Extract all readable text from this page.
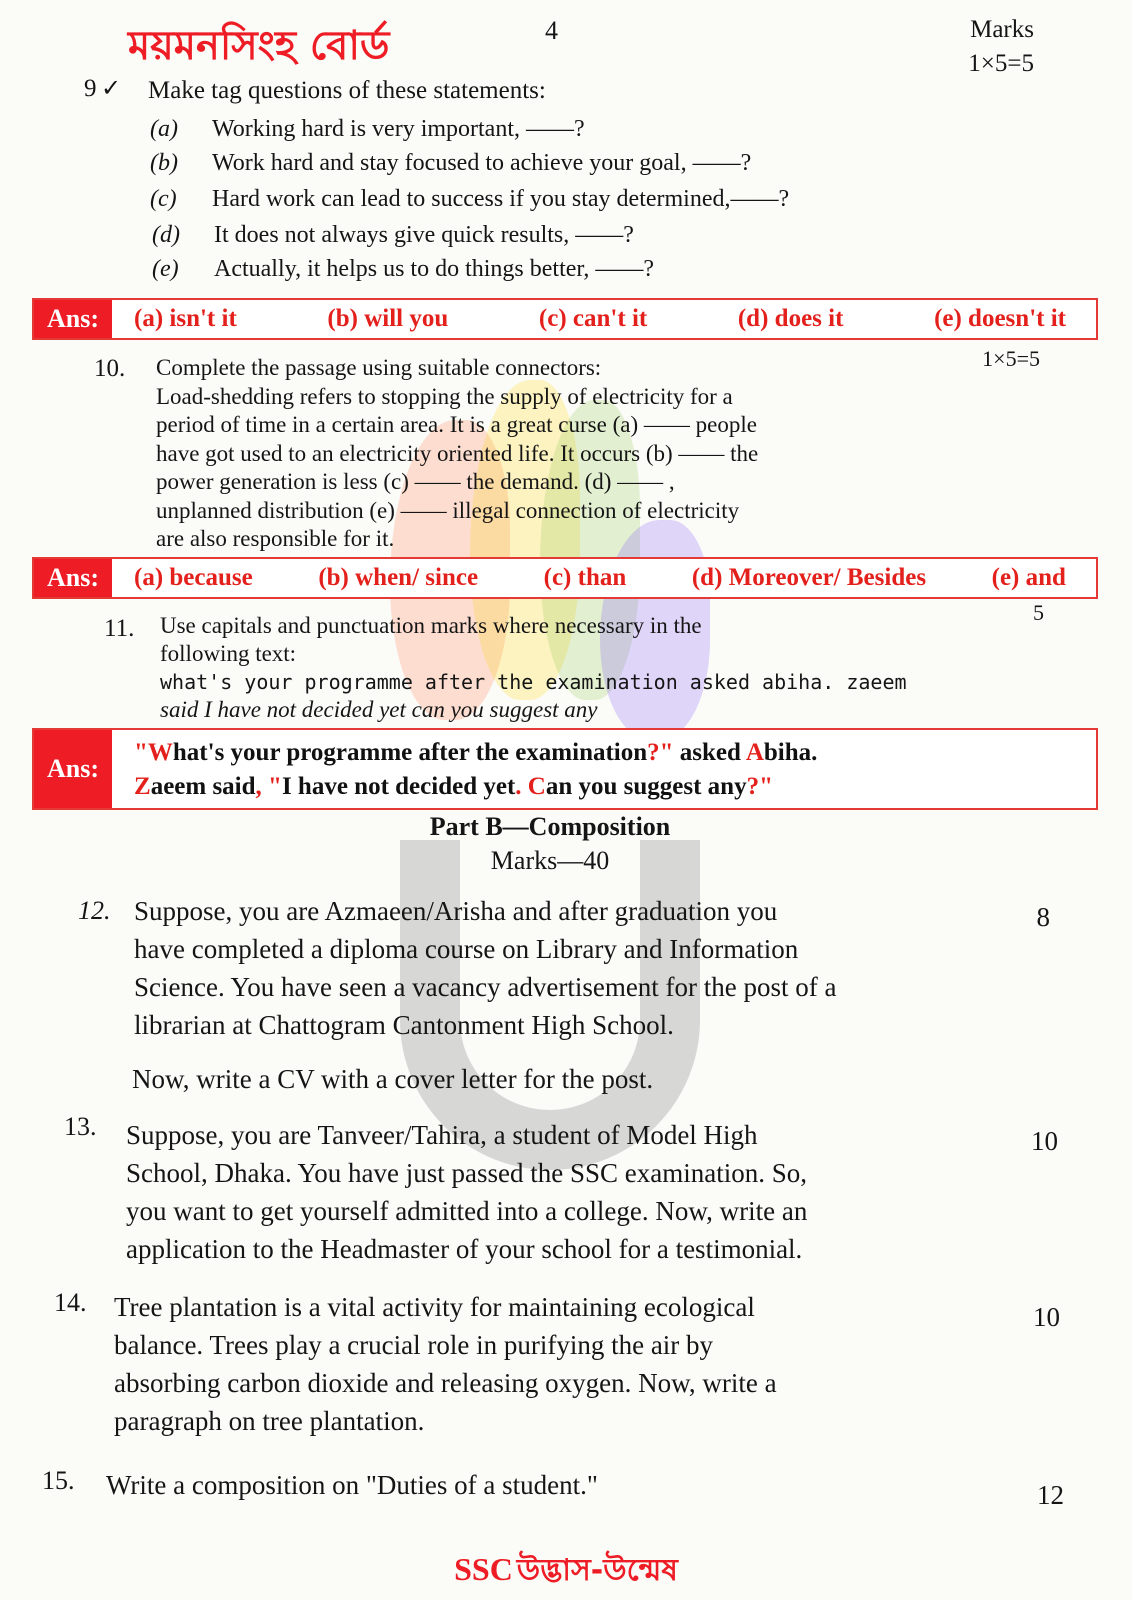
ময়মনসিংহ বোর্ড	4	Marks
1×5=5
9 ✓ Make tag questions of these statements:
(a) Working hard is very important, ——?
(b) Work hard and stay focused to achieve your goal, ——?
(c) Hard work can lead to success if you stay determined,——?
(d) It does not always give quick results, ——?
(e) Actually, it helps us to do things better, ——?
Ans:	(a) isn't it	(b) will you	(c) can't it	(d) does it	(e) doesn't it
10.	1×5=5
Complete the passage using suitable connectors:
Load-shedding refers to stopping the supply of electricity for a
period of time in a certain area. It is a great curse (a) —— people
have got used to an electricity oriented life. It occurs (b) —— the
power generation is less (c) —— the demand. (d) —— ,
unplanned distribution (e) —— illegal connection of electricity
are also responsible for it.
Ans:	(a) because	(b) when/ since	(c) than	(d) Moreover/ Besides	(e) and
11.
5
Use capitals and punctuation marks where necessary in the
following text:
what's your programme after the examination asked abiha. zaeem
said I have not decided yet can you suggest any
Ans:
"What's your programme after the examination?" asked Abiha.
Zaeem said, "I have not decided yet. Can you suggest any?"
Part B—Composition
Marks—40
12.	8

Suppose, you are Azmaeen/Arisha and after graduation you

have completed a diploma course on Library and Information

Science. You have seen a vacancy advertisement for the post of a

librarian at Chattogram Cantonment High School.

Now, write a CV with a cover letter for the post.
13.	10

Suppose, you are Tanveer/Tahira, a student of Model High

School, Dhaka. You have just passed the SSC examination. So,

you want to get yourself admitted into a college. Now, write an

application to the Headmaster of your school for a testimonial.

14.	10

Tree plantation is a vital activity for maintaining ecological

balance. Trees play a crucial role in purifying the air by

absorbing carbon dioxide and releasing oxygen. Now, write a

paragraph on tree plantation.

15. Write a composition on "Duties of a student."	12
SSC উদ্ভাস-উন্মেষ
